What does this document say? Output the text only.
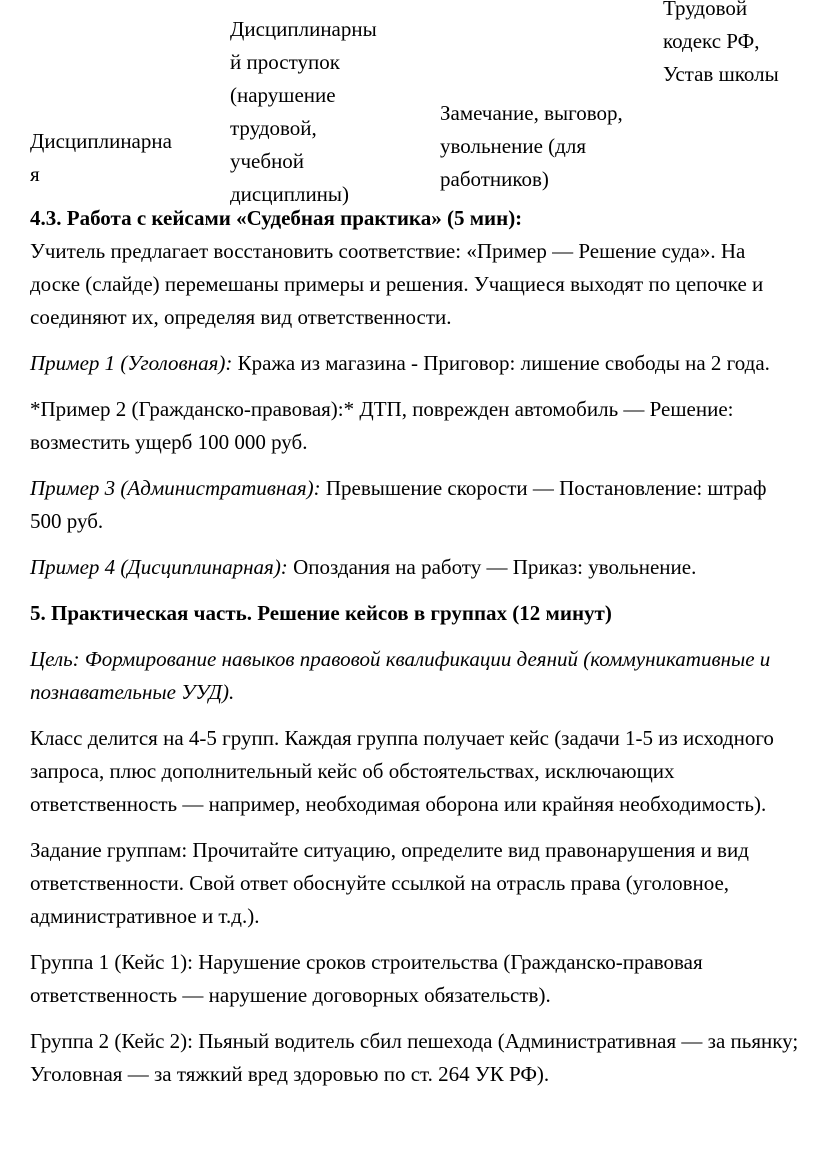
Дисциплинарна
я
Дисциплинарны
й проступок
(нарушение
трудовой,
учебной
дисциплины)
Замечание, выговор,
увольнение (для
работников)
Трудовой
кодекс РФ,
Устав школы

4.3. Работа с кейсами «Судебная практика» (5 мин):

Учитель предлагает восстановить соответствие: «Пример — Решение суда». На доске (слайде) перемешаны примеры и решения. Учащиеся выходят по цепочке и соединяют их, определяя вид ответственности.

Пример 1 (Уголовная): Кража из магазина - Приговор: лишение свободы на 2 года.

*Пример 2 (Гражданско-правовая):* ДТП, поврежден автомобиль — Решение: возместить ущерб 100 000 руб.

Пример 3 (Административная): Превышение скорости — Постановление: штраф 500 руб.

Пример 4 (Дисциплинарная): Опоздания на работу — Приказ: увольнение.

5. Практическая часть. Решение кейсов в группах (12 минут)

Цель: Формирование навыков правовой квалификации деяний (коммуникативные и познавательные УУД).

Класс делится на 4-5 групп. Каждая группа получает кейс (задачи 1-5 из исходного запроса, плюс дополнительный кейс об обстоятельствах, исключающих ответственность — например, необходимая оборона или крайняя необходимость).

Задание группам: Прочитайте ситуацию, определите вид правонарушения и вид ответственности. Свой ответ обоснуйте ссылкой на отрасль права (уголовное, административное и т.д.).

Группа 1 (Кейс 1): Нарушение сроков строительства (Гражданско-правовая ответственность — нарушение договорных обязательств).

Группа 2 (Кейс 2): Пьяный водитель сбил пешехода (Административная — за пьянку; Уголовная — за тяжкий вред здоровью по ст. 264 УК РФ).
